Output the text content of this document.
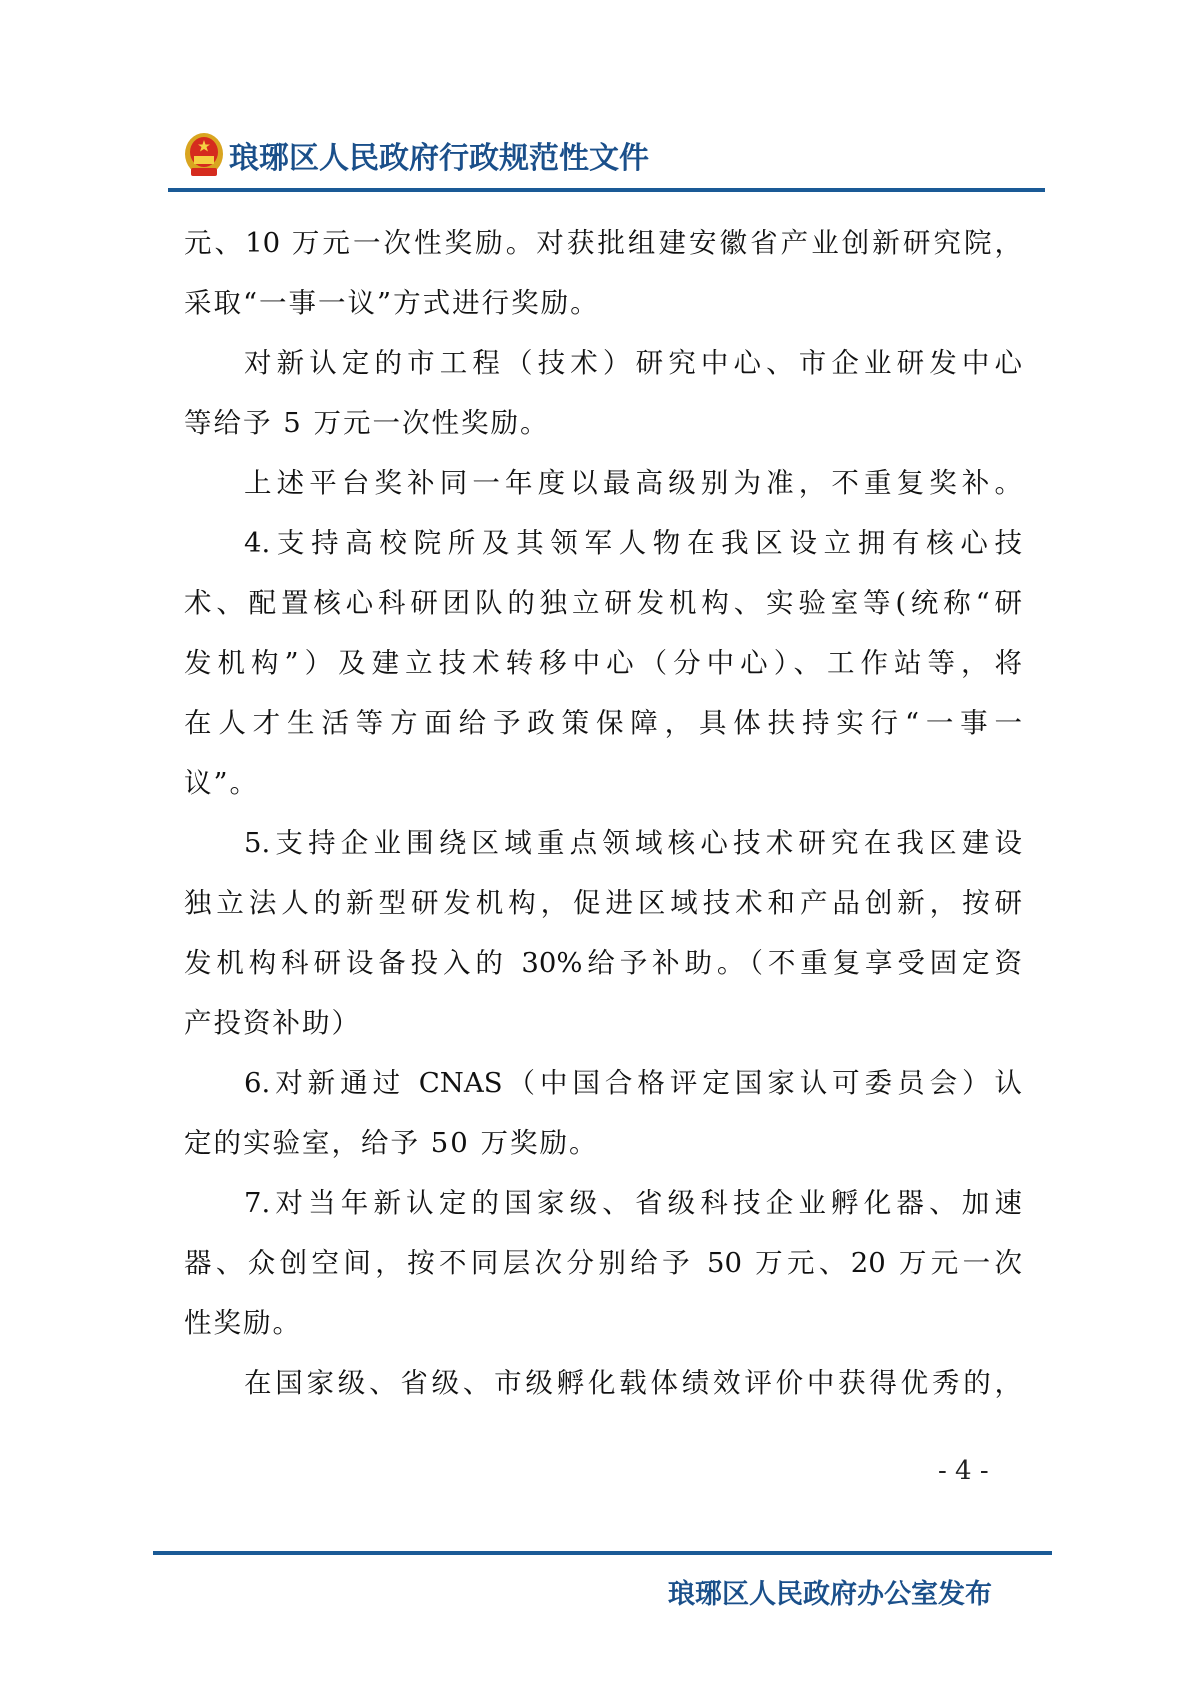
琅琊区人民政府行政规范性文件
元、10 万元一次性奖励。对获批组建安徽省产业创新研究院，
采取“一事一议”方式进行奖励。
对新认定的市工程（技术）研究中心、市企业研发中心
等给予 5 万元一次性奖励。
上述平台奖补同一年度以最高级别为准，不重复奖补。
4.支持高校院所及其领军人物在我区设立拥有核心技
术、配置核心科研团队的独立研发机构、实验室等(统称“研
发机构”）及建立技术转移中心（分中心）、工作站等，将
在人才生活等方面给予政策保障，具体扶持实行“一事一
议”。
5.支持企业围绕区域重点领域核心技术研究在我区建设
独立法人的新型研发机构，促进区域技术和产品创新，按研
发机构科研设备投入的 30%给予补助。（不重复享受固定资
产投资补助）
6.对新通过 CNAS（中国合格评定国家认可委员会）认
定的实验室，给予 50 万奖励。
7.对当年新认定的国家级、省级科技企业孵化器、加速
器、众创空间，按不同层次分别给予 50 万元、20 万元一次
性奖励。
在国家级、省级、市级孵化载体绩效评价中获得优秀的，
- 4 -
琅琊区人民政府办公室发布
